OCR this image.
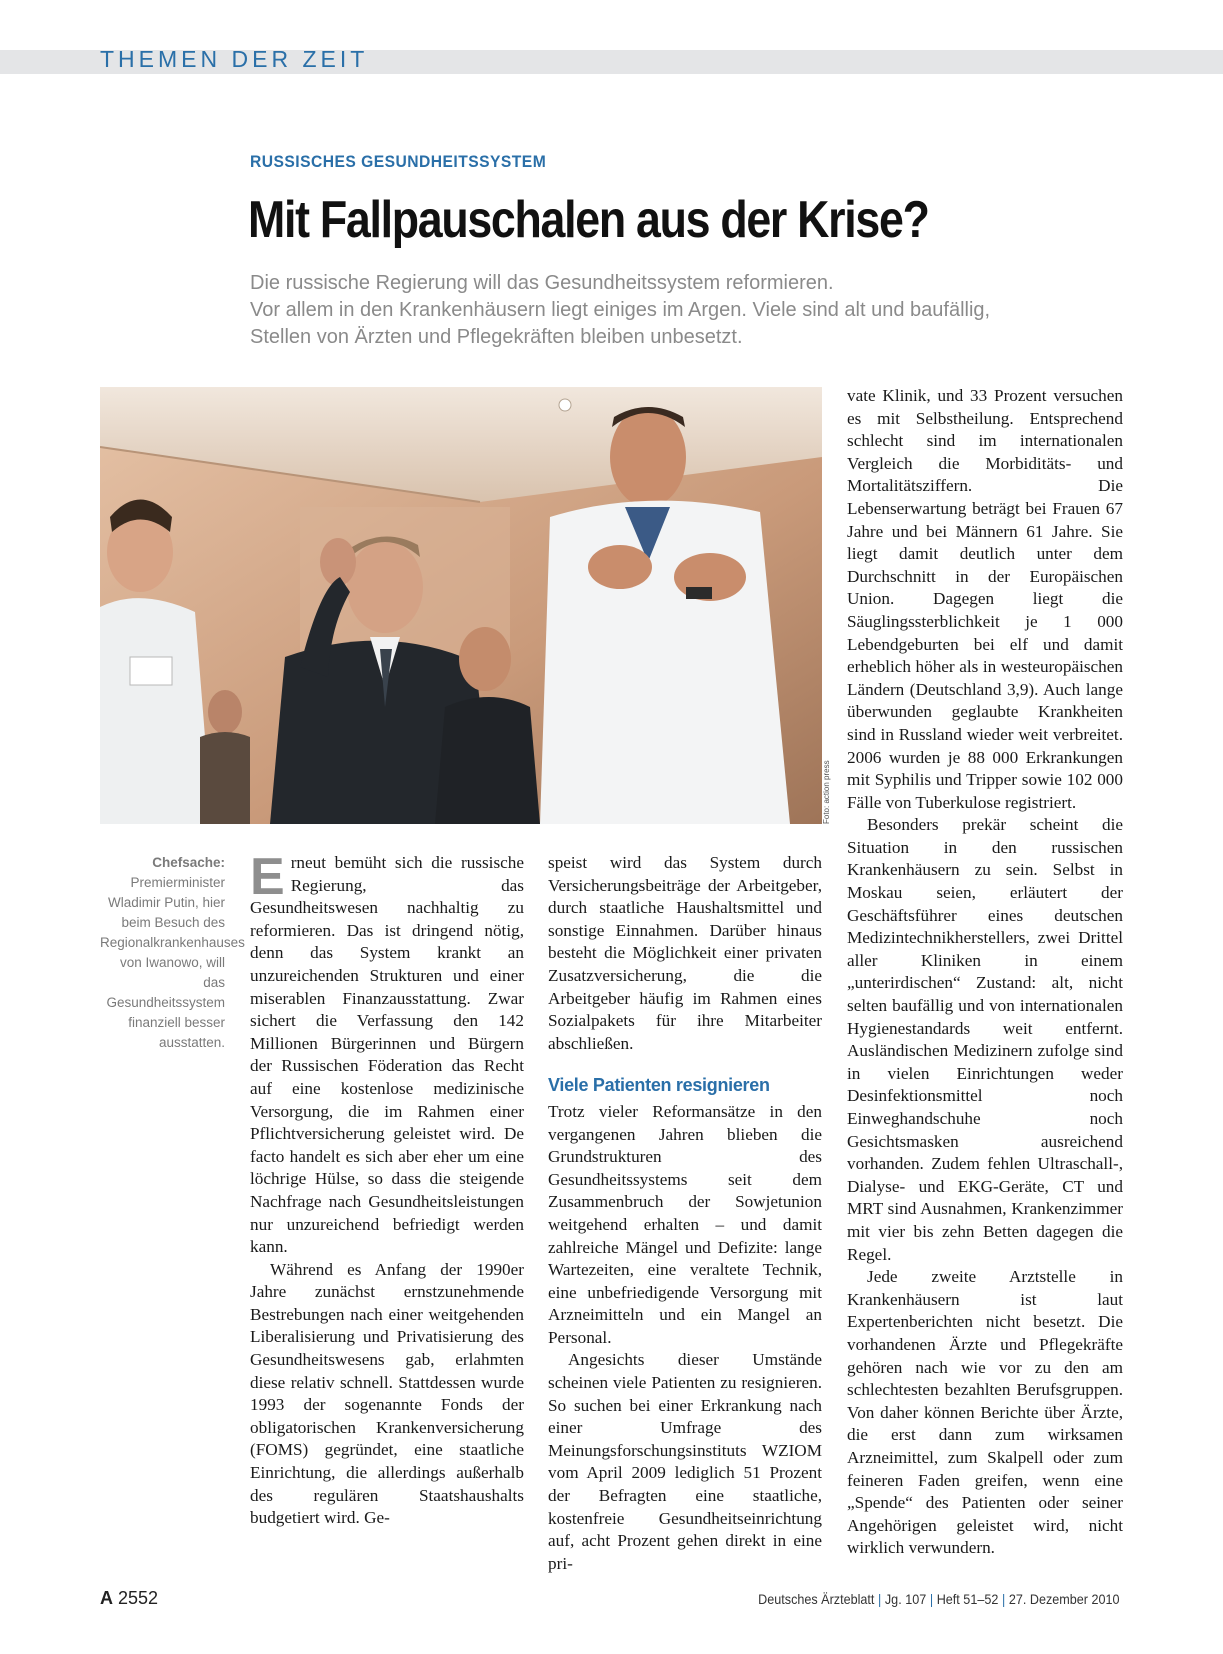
THEMEN DER ZEIT
RUSSISCHES GESUNDHEITSSYSTEM
Mit Fallpauschalen aus der Krise?
Die russische Regierung will das Gesundheitssystem reformieren.
Vor allem in den Krankenhäusern liegt einiges im Argen. Viele sind alt und baufällig,
Stellen von Ärzten und Pflegekräften bleiben unbesetzt.
Foto: action press
Chefsache:
Premierminister Wladimir Putin, hier beim Besuch des Regionalkrankenhauses von Iwanowo, will das Gesundheitssystem finanziell besser ausstatten.

Erneut bemüht sich die russische Regierung, das Gesundheitswesen nachhaltig zu reformieren. Das ist dringend nötig, denn das System krankt an unzureichenden Strukturen und einer miserablen Finanzausstattung. Zwar sichert die Verfassung den 142 Millionen Bürgerinnen und Bürgern der Russischen Föderation das Recht auf eine kostenlose medizinische Versorgung, die im Rahmen einer Pflichtversicherung geleistet wird. De facto handelt es sich aber eher um eine löchrige Hülse, so dass die steigende Nachfrage nach Gesundheitsleistungen nur unzureichend befriedigt werden kann.

Während es Anfang der 1990er Jahre zunächst ernstzunehmende Bestrebungen nach einer weitgehenden Liberalisierung und Privatisierung des Gesundheitswesens gab, erlahmten diese relativ schnell. Stattdessen wurde 1993 der sogenannte Fonds der obligatorischen Krankenversicherung (FOMS) gegründet, eine staatliche Einrichtung, die allerdings außerhalb des regulären Staatshaushalts budgetiert wird. Ge-

speist wird das System durch Versicherungsbeiträge der Arbeitgeber, durch staatliche Haushaltsmittel und sonstige Einnahmen. Darüber hinaus besteht die Möglichkeit einer privaten Zusatzversicherung, die die Arbeitgeber häufig im Rahmen eines Sozialpakets für ihre Mitarbeiter abschließen.

Viele Patienten resignieren

Trotz vieler Reformansätze in den vergangenen Jahren blieben die Grundstrukturen des Gesundheitssystems seit dem Zusammenbruch der Sowjetunion weitgehend erhalten – und damit zahlreiche Mängel und Defizite: lange Wartezeiten, eine veraltete Technik, eine unbefriedigende Versorgung mit Arzneimitteln und ein Mangel an Personal.

Angesichts dieser Umstände scheinen viele Patienten zu resignieren. So suchen bei einer Erkrankung nach einer Umfrage des Meinungsforschungsinstituts WZIOM vom April 2009 lediglich 51 Prozent der Befragten eine staatliche, kostenfreie Gesundheitseinrichtung auf, acht Prozent gehen direkt in eine pri-

vate Klinik, und 33 Prozent versuchen es mit Selbstheilung. Entsprechend schlecht sind im internationalen Vergleich die Morbiditäts- und Mortalitätsziffern. Die Lebenserwartung beträgt bei Frauen 67 Jahre und bei Männern 61 Jahre. Sie liegt damit deutlich unter dem Durchschnitt in der Europäischen Union. Dagegen liegt die Säuglingssterblichkeit je 1 000 Lebendgeburten bei elf und damit erheblich höher als in westeuropäischen Ländern (Deutschland 3,9). Auch lange überwunden geglaubte Krankheiten sind in Russland wieder weit verbreitet. 2006 wurden je 88 000 Erkrankungen mit Syphilis und Tripper sowie 102 000 Fälle von Tuberkulose registriert.

Besonders prekär scheint die Situation in den russischen Krankenhäusern zu sein. Selbst in Moskau seien, erläutert der Geschäftsführer eines deutschen Medizintechnikherstellers, zwei Drittel aller Kliniken in einem „unterirdischen“ Zustand: alt, nicht selten baufällig und von internationalen Hygienestandards weit entfernt. Ausländischen Medizinern zufolge sind in vielen Einrichtungen weder Desinfektionsmittel noch Einweghandschuhe noch Gesichtsmasken ausreichend vorhanden. Zudem fehlen Ultraschall-, Dialyse- und EKG-Geräte, CT und MRT sind Ausnahmen, Krankenzimmer mit vier bis zehn Betten dagegen die Regel.

Jede zweite Arztstelle in Krankenhäusern ist laut Expertenberichten nicht besetzt. Die vorhandenen Ärzte und Pflegekräfte gehören nach wie vor zu den am schlechtesten bezahlten Berufsgruppen. Von daher können Berichte über Ärzte, die erst dann zum wirksamen Arzneimittel, zum Skalpell oder zum feineren Faden greifen, wenn eine „Spende“ des Patienten oder seiner Angehörigen geleistet wird, nicht wirklich verwundern.

A 2552	Deutsches Ärzteblatt | Jg. 107 | Heft 51–52 | 27. Dezember 2010
